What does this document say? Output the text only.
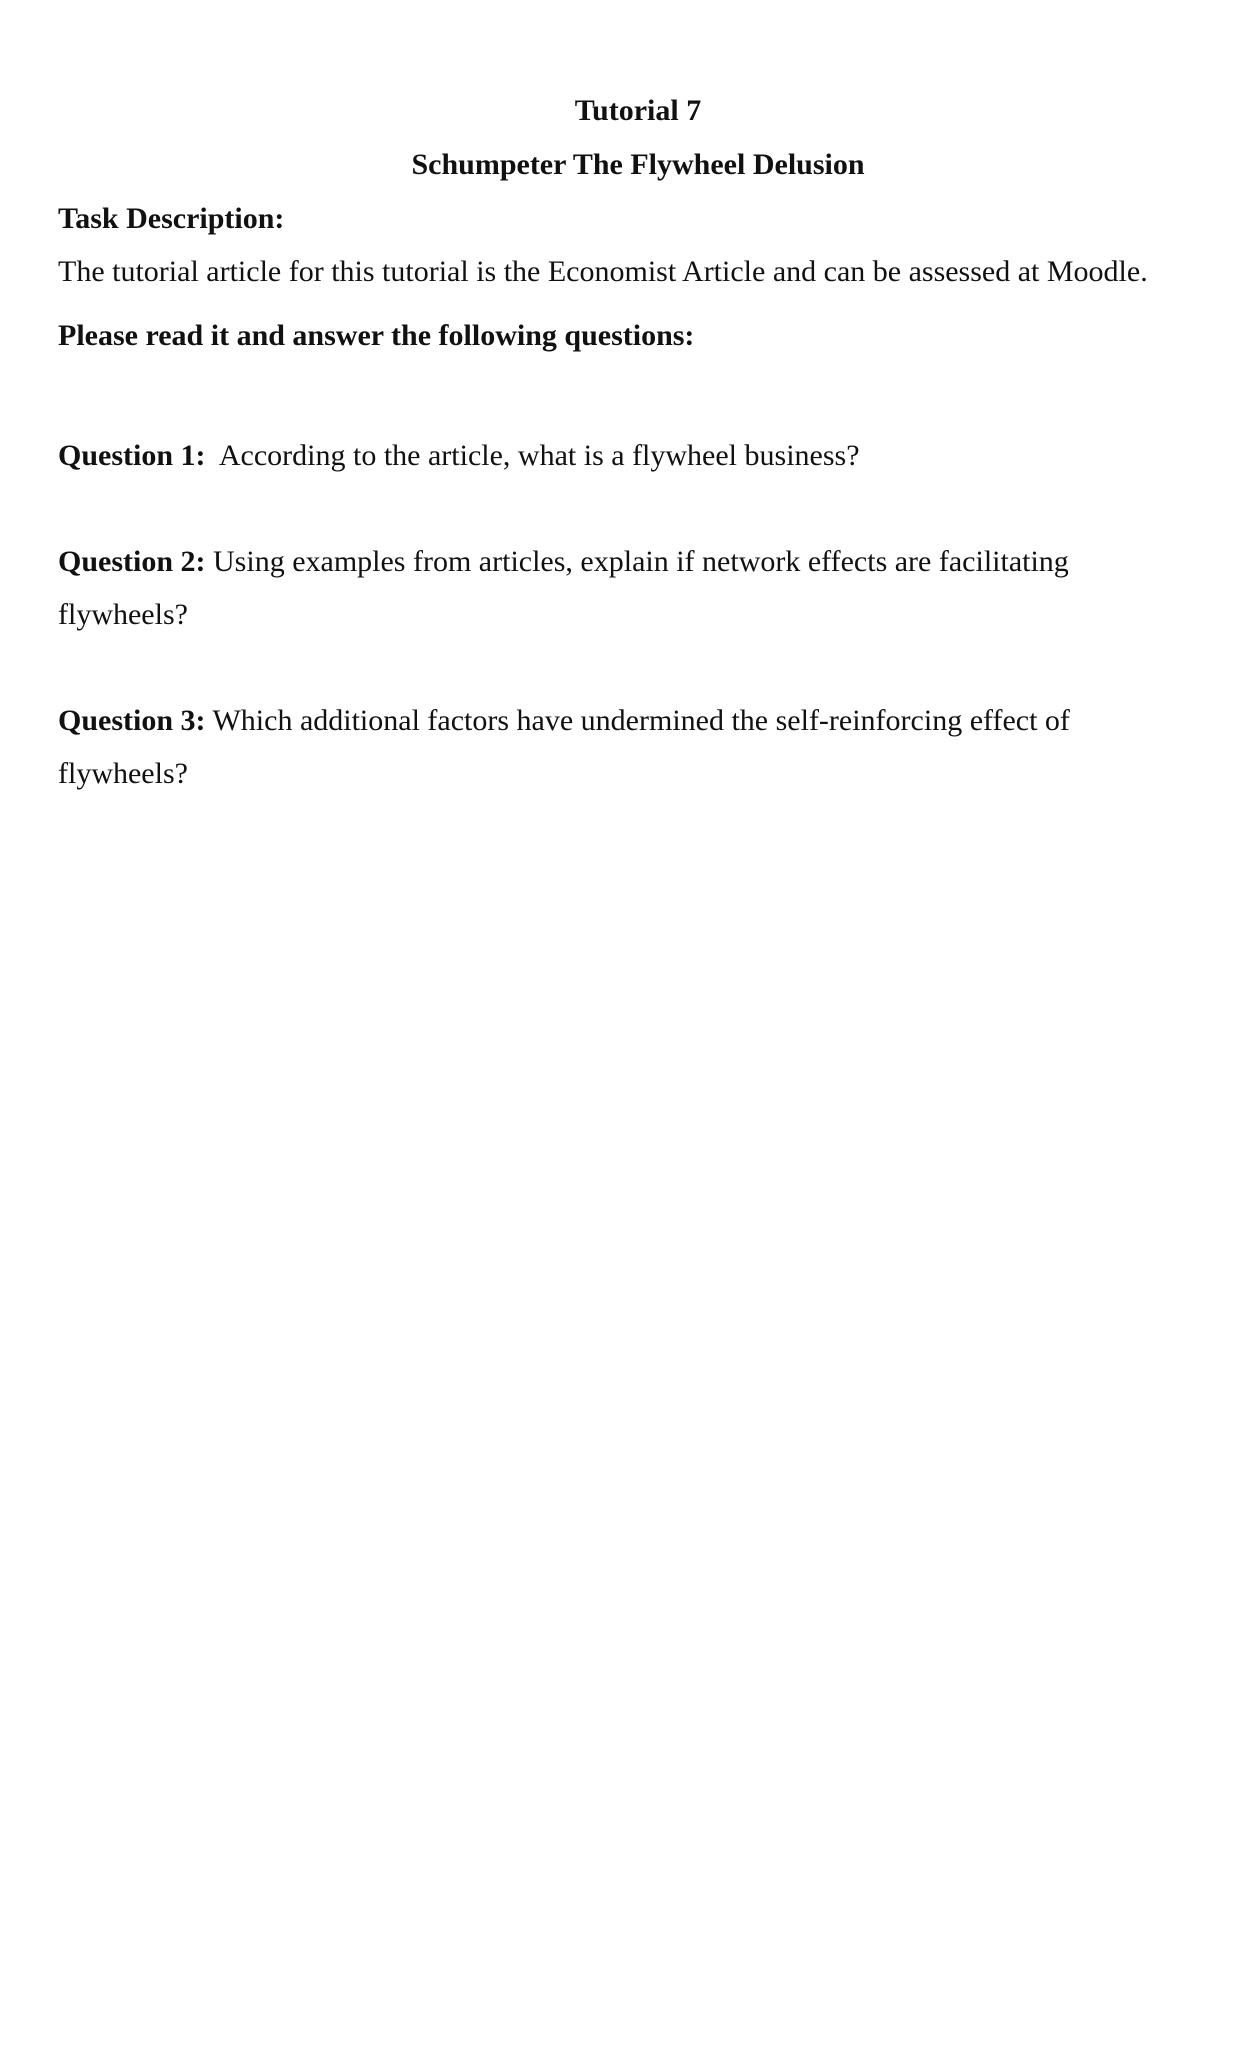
Tutorial 7
Schumpeter The Flywheel Delusion
Task Description:
The tutorial article for this tutorial is the Economist Article and can be assessed at Moodle.
Please read it and answer the following questions:
Question 1: According to the article, what is a flywheel business?
Question 2: Using examples from articles, explain if network effects are facilitating
flywheels?
Question 3: Which additional factors have undermined the self-reinforcing effect of
flywheels?
